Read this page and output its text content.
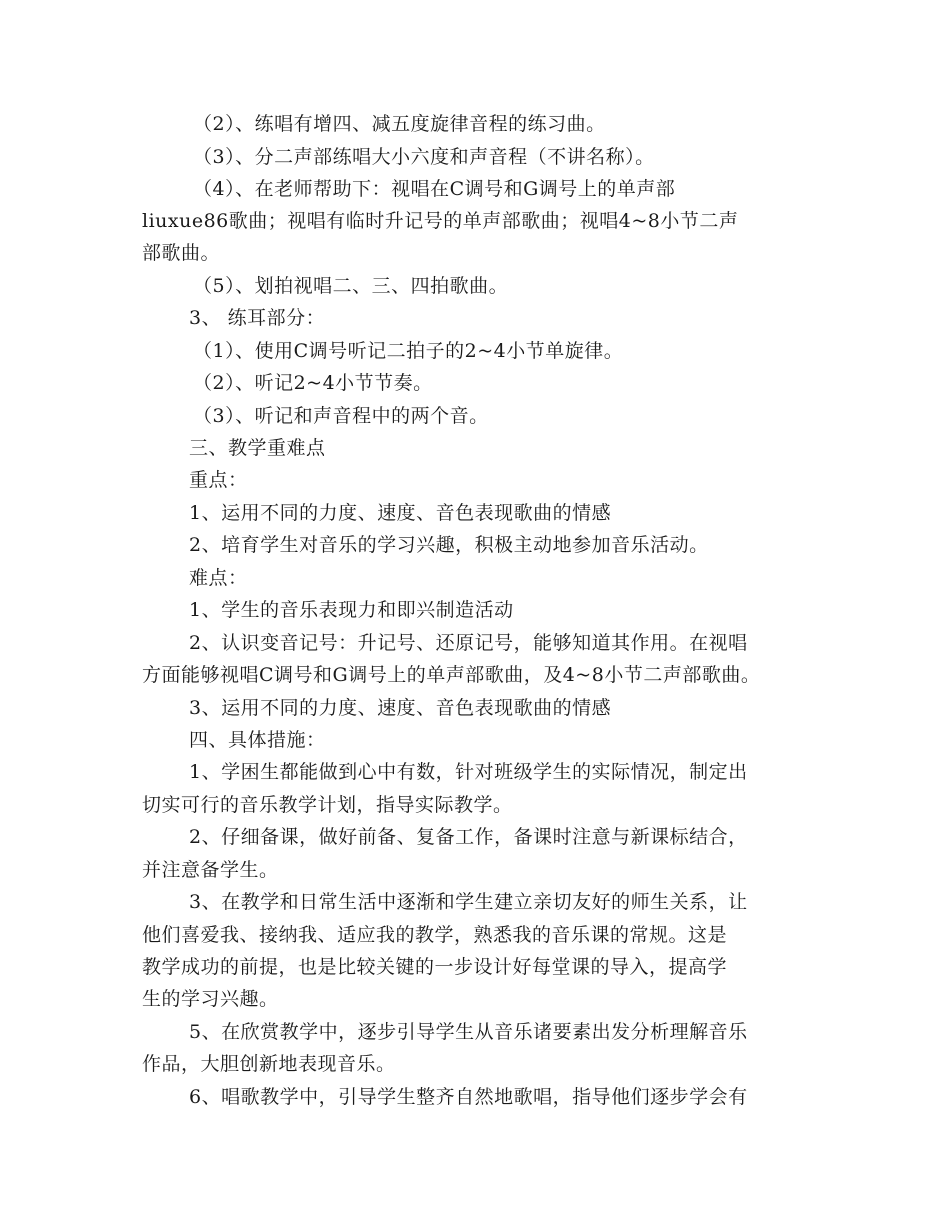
（2）、练唱有增四、减五度旋律音程的练习曲。
（3）、分二声部练唱大小六度和声音程（不讲名称）。
（4）、在老师帮助下：视唱在C调号和G调号上的单声部
liuxue86歌曲；视唱有临时升记号的单声部歌曲；视唱4~8小节二声
部歌曲。
（5）、划拍视唱二、三、四拍歌曲。
3、 练耳部分：
（1）、使用C调号听记二拍子的2~4小节单旋律。
（2）、听记2~4小节节奏。
（3）、听记和声音程中的两个音。
三、教学重难点
重点：
1、运用不同的力度、速度、音色表现歌曲的情感
2、培育学生对音乐的学习兴趣，积极主动地参加音乐活动。
难点：
1、学生的音乐表现力和即兴制造活动
2、认识变音记号：升记号、还原记号，能够知道其作用。在视唱
方面能够视唱C调号和G调号上的单声部歌曲，及4~8小节二声部歌曲。
3、运用不同的力度、速度、音色表现歌曲的情感
四、具体措施：
1、学困生都能做到心中有数，针对班级学生的实际情况，制定出
切实可行的音乐教学计划，指导实际教学。
2、仔细备课，做好前备、复备工作，备课时注意与新课标结合，
并注意备学生。
3、在教学和日常生活中逐渐和学生建立亲切友好的师生关系，让
他们喜爱我、接纳我、适应我的教学，熟悉我的音乐课的常规。这是
教学成功的前提，也是比较关键的一步设计好每堂课的导入，提高学
生的学习兴趣。
5、在欣赏教学中，逐步引导学生从音乐诸要素出发分析理解音乐
作品，大胆创新地表现音乐。
6、唱歌教学中，引导学生整齐自然地歌唱，指导他们逐步学会有
